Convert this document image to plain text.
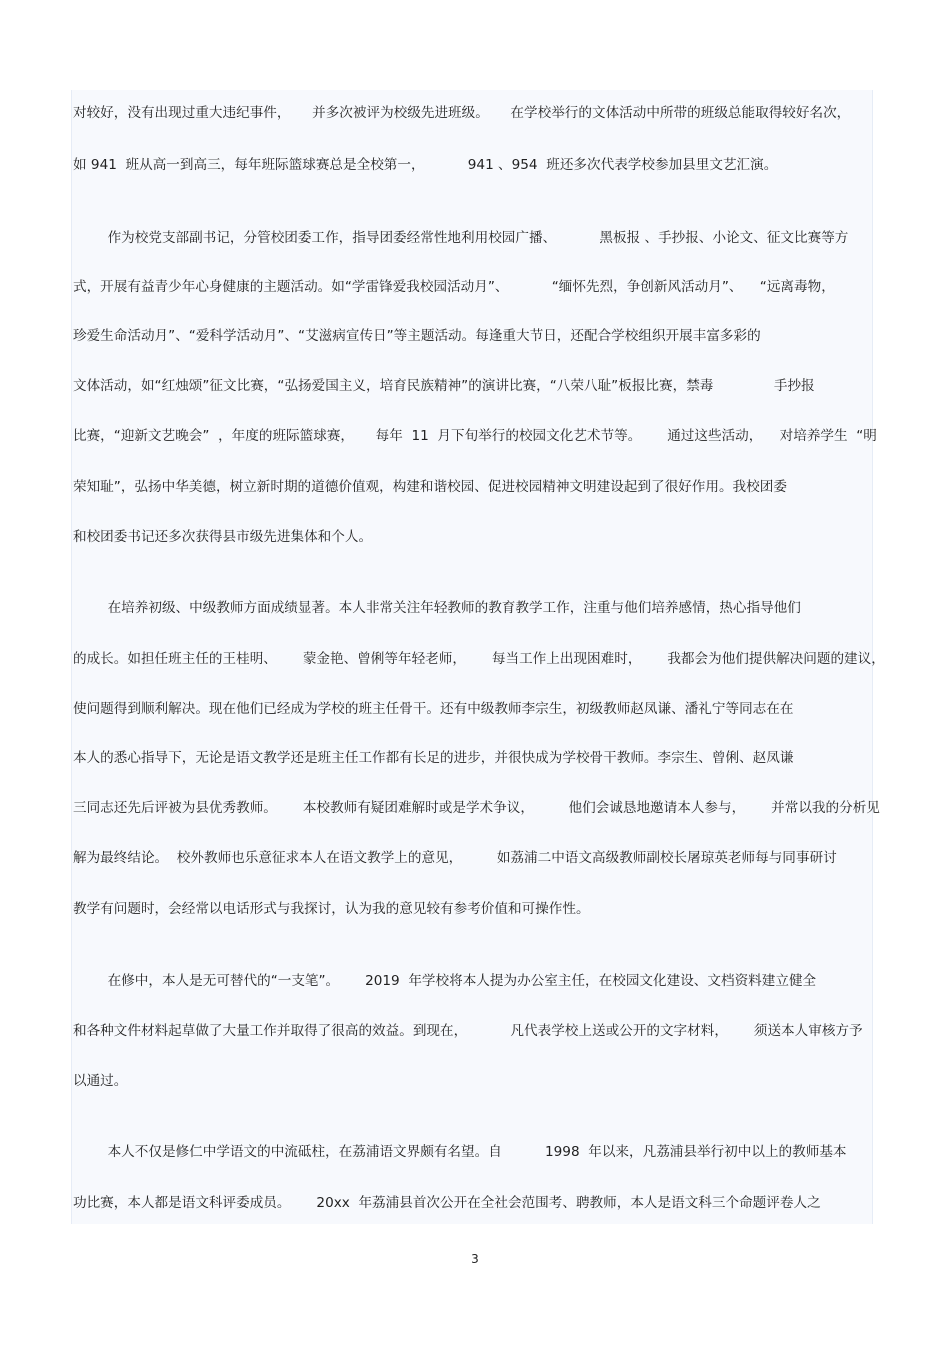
对较好，没有出现过重大违纪事件，     并多次被评为校级先进班级。     在学校举行的文体活动中所带的班级总能取得较好名次，
如 941  班从高一到高三，每年班际篮球赛总是全校第一，          941 、954  班还多次代表学校参加县里文艺汇演。
作为校党支部副书记，分管校团委工作，指导团委经常性地利用校园广播、          黑板报 、手抄报、小论文、征文比赛等方
式，开展有益青少年心身健康的主题活动。如“学雷锋爱我校园活动月”、          “缅怀先烈，争创新风活动月”、    “远离毒物，
珍爱生命活动月”、“爱科学活动月”、“艾滋病宣传日”等主题活动。每逢重大节日，还配合学校组织开展丰富多彩的
文体活动，如“红烛颂”征文比赛，“弘扬爱国主义，培育民族精神”的演讲比赛，“八荣八耻”板报比赛，禁毒              手抄报
比赛，“迎新文艺晚会”  ，年度的班际篮球赛，     每年  11  月下旬举行的校园文化艺术节等。      通过这些活动，    对培养学生  “明
荣知耻”，弘扬中华美德，树立新时期的道德价值观，构建和谐校园、促进校园精神文明建设起到了很好作用。我校团委
和校团委书记还多次获得县市级先进集体和个人。
在培养初级、中级教师方面成绩显著。本人非常关注年轻教师的教育教学工作，注重与他们培养感情，热心指导他们
的成长。如担任班主任的王桂明、      蒙金艳、曾俐等年轻老师，      每当工作上出现困难时，      我都会为他们提供解决问题的建议，
使问题得到顺利解决。现在他们已经成为学校的班主任骨干。还有中级教师李宗生，初级教师赵凤谦、潘礼宁等同志在在
本人的悉心指导下，无论是语文教学还是班主任工作都有长足的进步，并很快成为学校骨干教师。李宗生、曾俐、赵凤谦
三同志还先后评被为县优秀教师。      本校教师有疑团难解时或是学术争议，        他们会诚恳地邀请本人参与，      并常以我的分析见
解为最终结论。  校外教师也乐意征求本人在语文教学上的意见，        如荔浦二中语文高级教师副校长屠琼英老师每与同事研讨
教学有问题时，会经常以电话形式与我探讨，认为我的意见较有参考价值和可操作性。
在修中，本人是无可替代的“一支笔”。      2019  年学校将本人提为办公室主任，在校园文化建设、文档资料建立健全
和各种文件材料起草做了大量工作并取得了很高的效益。到现在，          凡代表学校上送或公开的文字材料，      须送本人审核方予
以通过。
本人不仅是修仁中学语文的中流砥柱，在荔浦语文界颇有名望。自          1998  年以来，凡荔浦县举行初中以上的教师基本
功比赛，本人都是语文科评委成员。      20xx  年荔浦县首次公开在全社会范围考、聘教师，本人是语文科三个命题评卷人之
3
